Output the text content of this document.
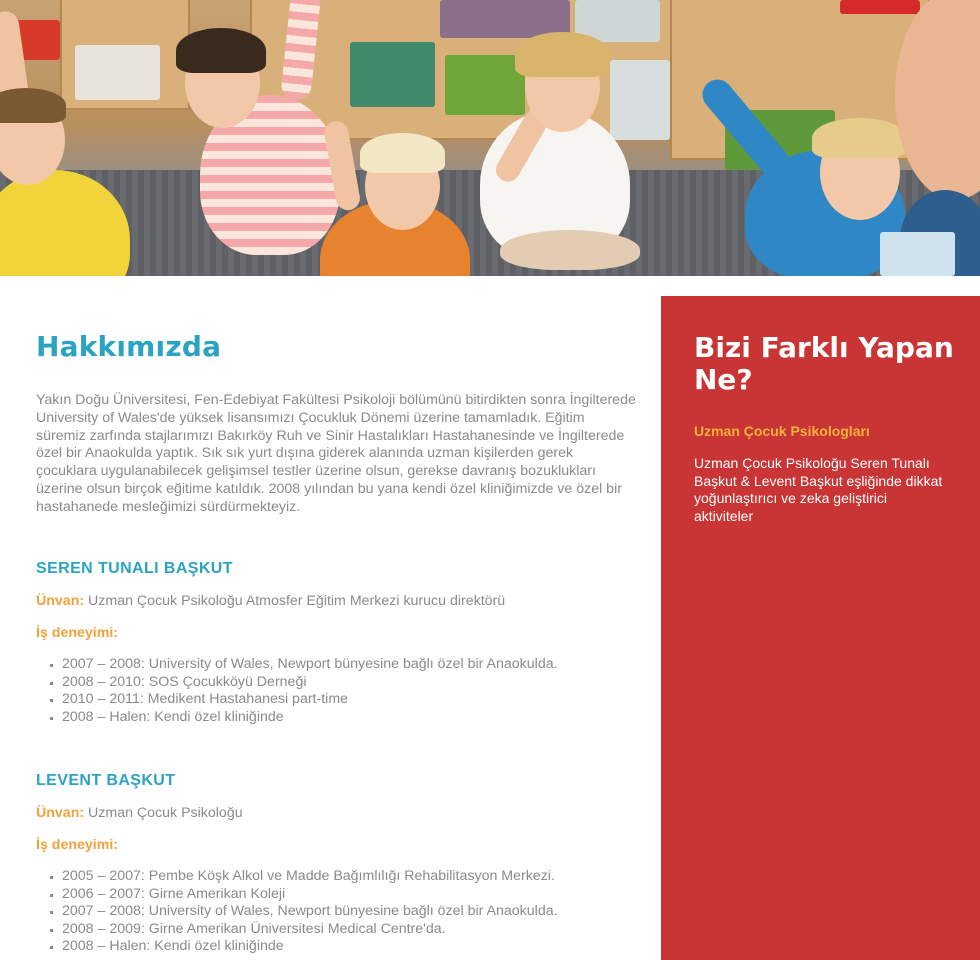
Hakkımızda

Yakın Doğu Üniversitesi, Fen-Edebiyat Fakültesi Psikoloji bölümünü bitirdikten sonra İngilterede University of Wales'de yüksek lisansımızı Çocukluk Dönemi üzerine tamamladık. Eğitim süremiz zarfında stajlarımızı Bakırköy Ruh ve Sinir Hastalıkları Hastahanesinde ve İngilterede özel bir Anaokulda yaptık. Sık sık yurt dışına giderek alanında uzman kişilerden gerek çocuklara uygulanabilecek gelişimsel testler üzerine olsun, gerekse davranış bozuklukları üzerine olsun birçok eğitime katıldık. 2008 yılından bu yana kendi özel kliniğimizde ve özel bir hastahanede mesleğimizi sürdürmekteyiz.

SEREN TUNALI BAŞKUT

Ünvan: Uzman Çocuk Psikoloğu Atmosfer Eğitim Merkezi kurucu direktörü

İş deneyimi:

▪ 2007 – 2008: University of Wales, Newport bünyesine bağlı özel bir Anaokulda.
▪ 2008 – 2010: SOS Çocukköyü Derneği
▪ 2010 – 2011: Medikent Hastahanesi part-time
▪ 2008 – Halen: Kendi özel kliniğinde
LEVENT BAŞKUT

Ünvan: Uzman Çocuk Psikoloğu

İş deneyimi:

▪ 2005 – 2007: Pembe Köşk Alkol ve Madde Bağımlılığı Rehabilitasyon Merkezi.
▪ 2006 – 2007: Girne Amerikan Koleji
▪ 2007 – 2008: University of Wales, Newport bünyesine bağlı özel bir Anaokulda.
▪ 2008 – 2009: Girne Amerikan Üniversitesi Medical Centre'da.
▪ 2008 – Halen: Kendi özel kliniğinde
Bizi Farklı Yapan Ne?

Uzman Çocuk Psikologları

Uzman Çocuk Psikoloğu Seren Tunalı Başkut & Levent Başkut eşliğinde dikkat yoğunlaştırıcı ve zeka geliştirici aktiviteler
